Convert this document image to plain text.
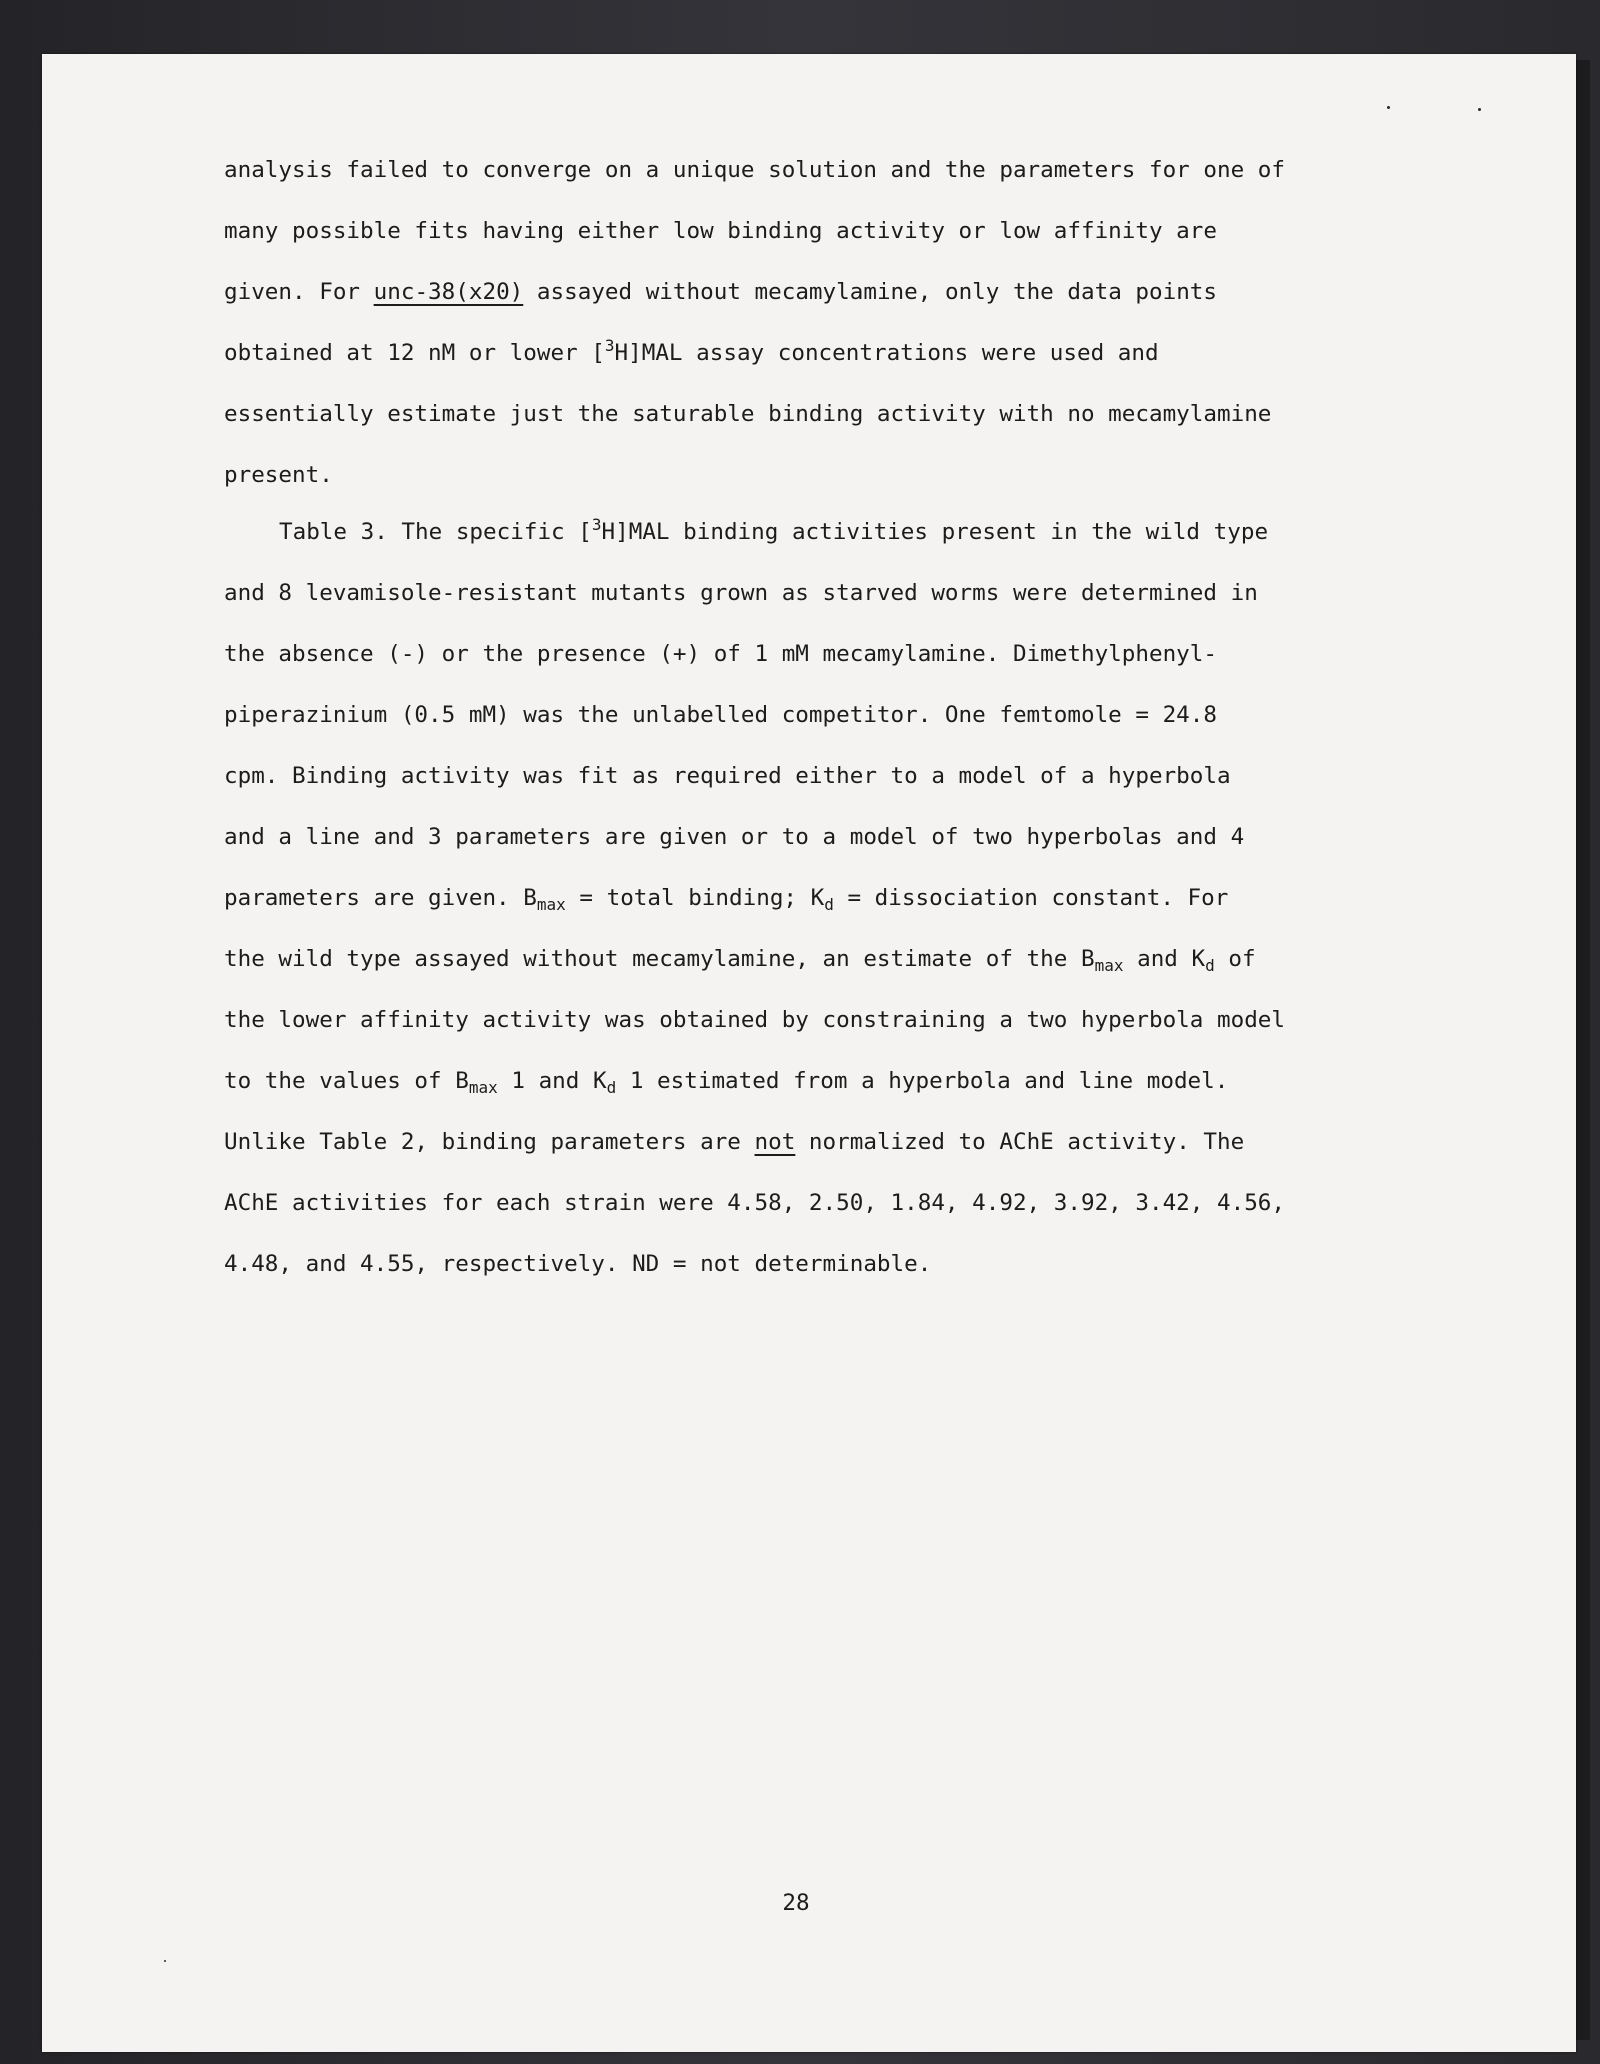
analysis failed to converge on a unique solution and the parameters for one of
many possible fits having either low binding activity or low affinity are
given. For unc-38(x20) assayed without mecamylamine, only the data points
obtained at 12 nM or lower [$^3$H]MAL assay concentrations were used and
essentially estimate just the saturable binding activity with no mecamylamine
present.
Table 3. The specific [$^3$H]MAL binding activities present in the wild type
and 8 levamisole-resistant mutants grown as starved worms were determined in
the absence (-) or the presence (+) of 1 mM mecamylamine. Dimethylphenyl-
piperazinium (0.5 mM) was the unlabelled competitor. One femtomole = 24.8
cpm. Binding activity was fit as required either to a model of a hyperbola
and a line and 3 parameters are given or to a model of two hyperbolas and 4
parameters are given. $B_{max}$ = total binding; $K_d$ = dissociation constant. For
the wild type assayed without mecamylamine, an estimate of the $B_{max}$ and $K_d$ of
the lower affinity activity was obtained by constraining a two hyperbola model
to the values of $B_{max}$ 1 and $K_d$ 1 estimated from a hyperbola and line model.
Unlike Table 2, binding parameters are not normalized to AChE activity. The
AChE activities for each strain were 4.58, 2.50, 1.84, 4.92, 3.92, 3.42, 4.56,
4.48, and 4.55, respectively. ND = not determinable.
28
